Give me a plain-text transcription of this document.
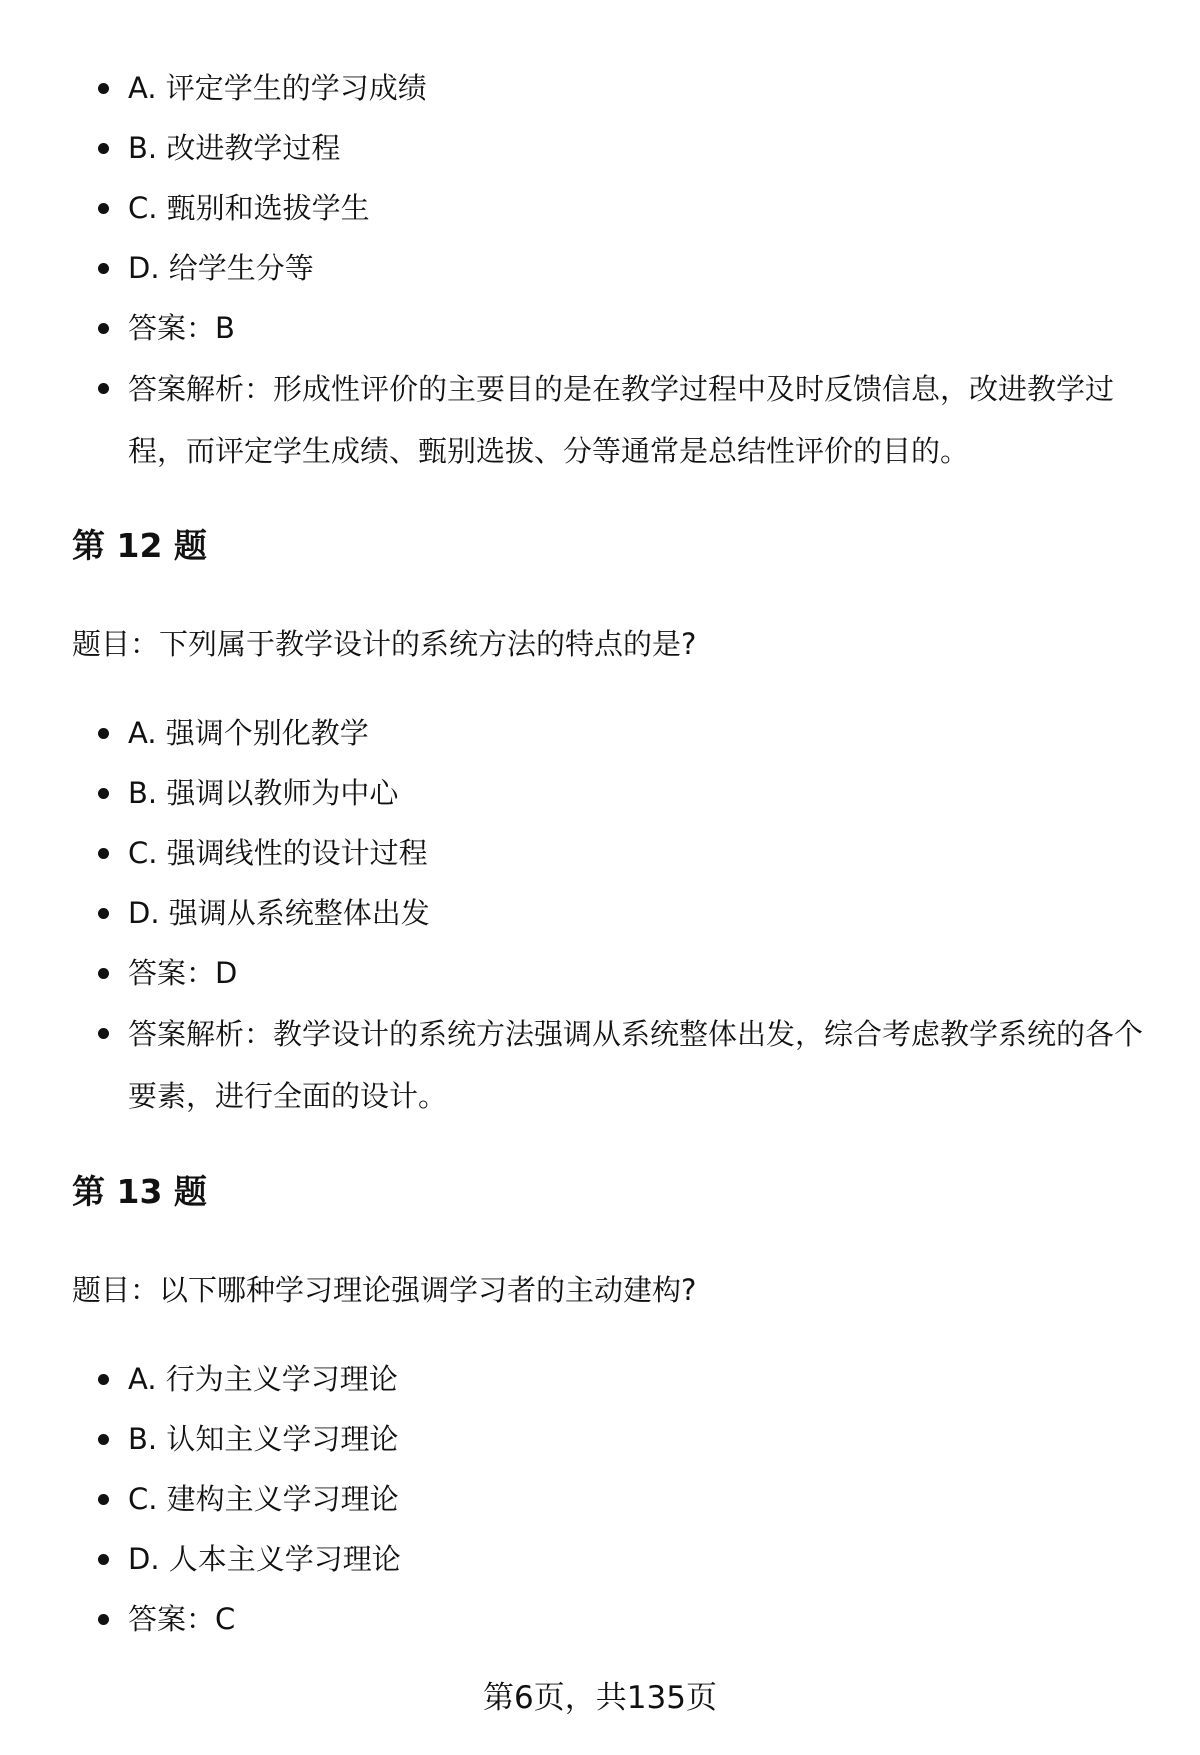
A. 评定学生的学习成绩
B. 改进教学过程
C. 甄别和选拔学生
D. 给学生分等
答案：B
答案解析：形成性评价的主要目的是在教学过程中及时反馈信息，改进教学过程，而评定学生成绩、甄别选拔、分等通常是总结性评价的目的。
第 12 题

题目：下列属于教学设计的系统方法的特点的是?

A. 强调个别化教学
B. 强调以教师为中心
C. 强调线性的设计过程
D. 强调从系统整体出发
答案：D
答案解析：教学设计的系统方法强调从系统整体出发，综合考虑教学系统的各个要素，进行全面的设计。
第 13 题

题目：以下哪种学习理论强调学习者的主动建构?

A. 行为主义学习理论
B. 认知主义学习理论
C. 建构主义学习理论
D. 人本主义学习理论
答案：C
第6页，共135页
